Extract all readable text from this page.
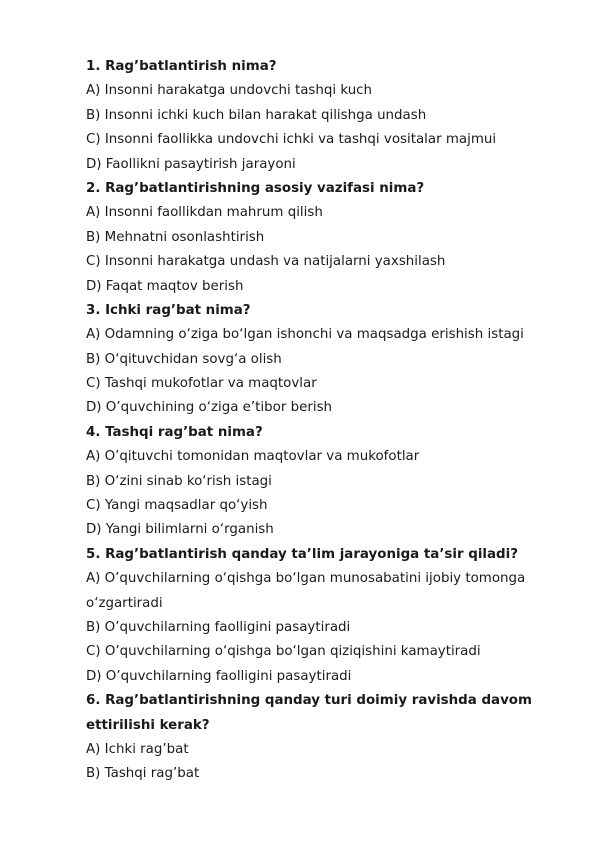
1. Rag’batlantirish nima?
A) Insonni harakatga undovchi tashqi kuch
B) Insonni ichki kuch bilan harakat qilishga undash
C) Insonni faollikka undovchi ichki va tashqi vositalar majmui
D) Faollikni pasaytirish jarayoni
2. Rag’batlantirishning asosiy vazifasi nima?
A) Insonni faollikdan mahrum qilish
B) Mehnatni osonlashtirish
C) Insonni harakatga undash va natijalarni yaxshilash
D) Faqat maqtov berish
3. Ichki rag’bat nima?
A) Odamning o‘ziga bo‘lgan ishonchi va maqsadga erishish istagi
B) O‘qituvchidan sovg‘a olish
C) Tashqi mukofotlar va maqtovlar
D) O’quvchining o‘ziga e’tibor berish
4. Tashqi rag’bat nima?
A) O’qituvchi tomonidan maqtovlar va mukofotlar
B) O‘zini sinab ko‘rish istagi
C) Yangi maqsadlar qo‘yish
D) Yangi bilimlarni o‘rganish
5. Rag’batlantirish qanday ta’lim jarayoniga ta’sir qiladi?
A) O’quvchilarning o‘qishga bo‘lgan munosabatini ijobiy tomonga o‘zgartiradi
B) O’quvchilarning faolligini pasaytiradi
C) O’quvchilarning o‘qishga bo‘lgan qiziqishini kamaytiradi
D) O’quvchilarning faolligini pasaytiradi
6. Rag’batlantirishning qanday turi doimiy ravishda davom ettirilishi kerak?
A) Ichki rag’bat
B) Tashqi rag’bat
